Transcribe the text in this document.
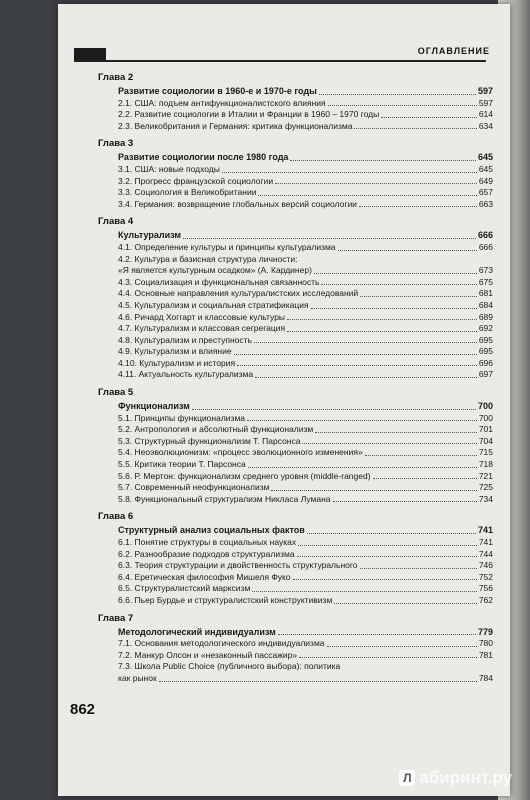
ОГЛАВЛЕНИЕ
Глава 2
Развитие социологии в 1960-е и 1970-е годы	597
2.1. США: подъем антифункционалистского влияния	597
2.2. Развитие социологии в Италии и Франции в 1960 – 1970 годы	614
2.3. Великобритания и Германия: критика функционализма	634
Глава 3
Развитие социологии после 1980 года	645
3.1. США: новые подходы	645
3.2. Прогресс французской социологии	649
3.3. Социология в Великобритании	657
3.4. Германия: возвращение глобальных версий социологии	663
Глава 4
Культурализм	666
4.1. Определение культуры и принципы культурализма	666
4.2. Культура и базисная структура личности:
«Я является культурным осадком» (А. Кардинер)	673
4.3. Социализация и функциональная связанность	675
4.4. Основные направления культуралистских исследований	681
4.5. Культурализм и социальная стратификация	684
4.6. Ричард Хоггарт и классовые культуры	689
4.7. Культурализм и классовая сегрегация	692
4.8. Культурализм и преступность	695
4.9. Культурализм и влияние	695
4.10. Культурализм и история	696
4.11. Актуальность культурализма	697
Глава 5
Функционализм	700
5.1. Принципы функционализма	700
5.2. Антропология и абсолютный функционализм	701
5.3. Структурный функционализм Т. Парсонса	704
5.4. Неоэволюционизм: «процесс эволюционного изменения»	715
5.5. Критика теории Т. Парсонса	718
5.6. Р. Мертон: функционализм среднего уровня (middle-ranged)	721
5.7. Современный неофункционализм	725
5.8. Функциональный структурализм Никласа Лумана	734
Глава 6
Структурный анализ социальных фактов	741
6.1. Понятие структуры в социальных науках	741
6.2. Разнообразие подходов структурализма	744
6.3. Теория структурации и двойственность структурального	746
6.4. Еретическая философия Мишеля Фуко	752
6.5. Структуралистский марксизм	756
6.6. Пьер Бурдье и структуралистский конструктивизм	762
Глава 7
Методологический индивидуализм	779
7.1. Основания методологического индивидуализма	780
7.2. Манкур Олсон и «незаконный пассажир»	781
7.3. Школа Public Choice (публичного выбора): политика
как рынок	784
862
Л абиринт.ру
